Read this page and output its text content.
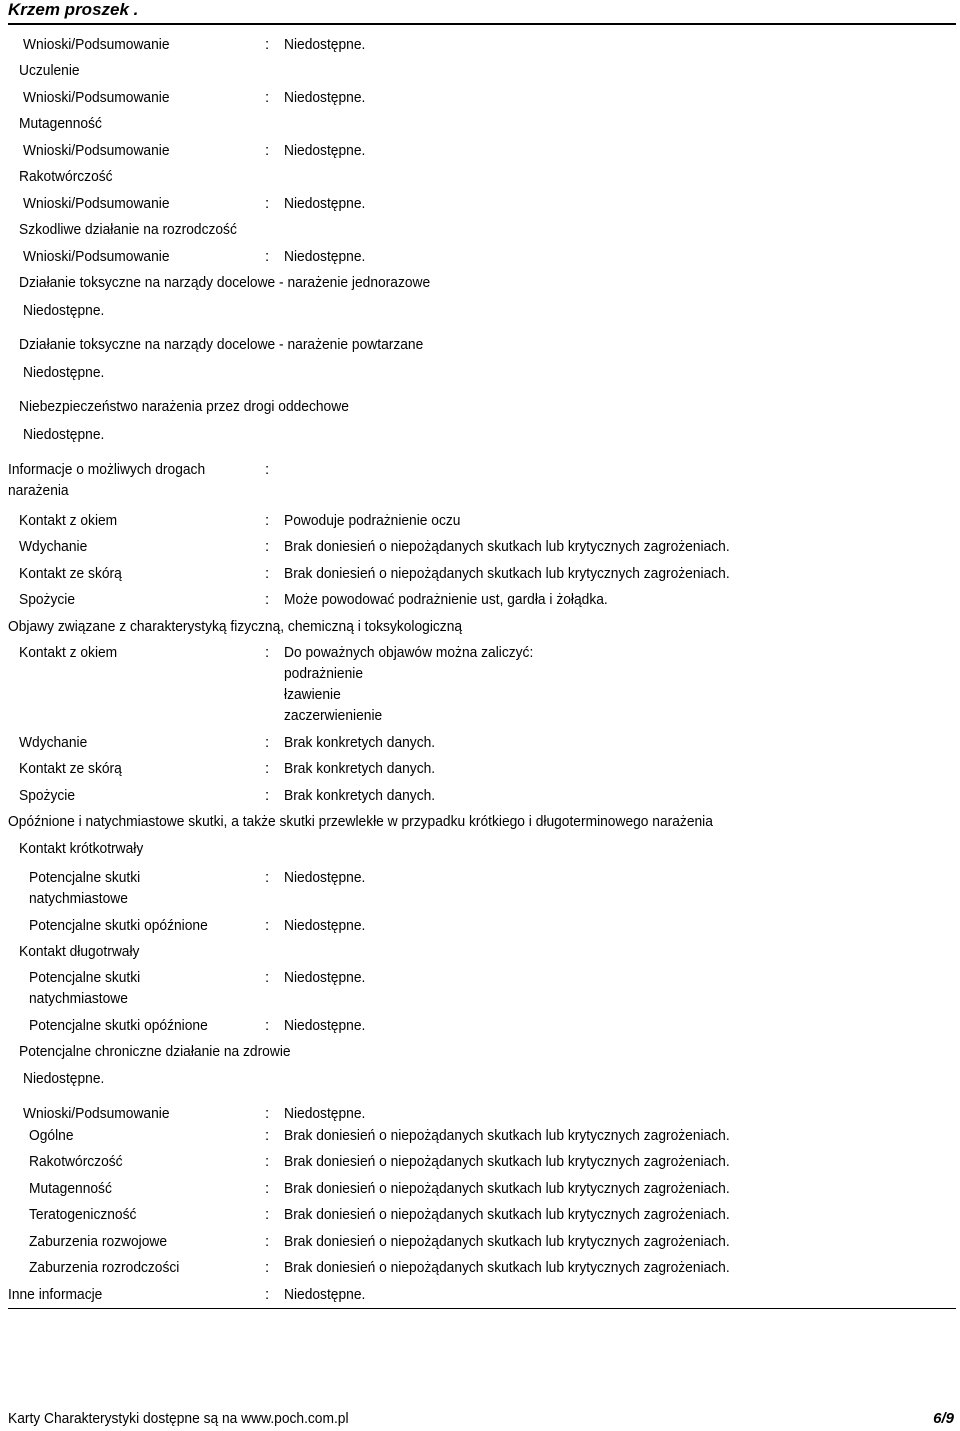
Krzem proszek .
Wnioski/Podsumowanie	: Niedostępne.
Uczulenie
Wnioski/Podsumowanie	: Niedostępne.
Mutagenność
Wnioski/Podsumowanie	: Niedostępne.
Rakotwórczość
Wnioski/Podsumowanie	: Niedostępne.
Szkodliwe działanie na rozrodczość
Wnioski/Podsumowanie	: Niedostępne.
Działanie toksyczne na narządy docelowe - narażenie jednorazowe
Niedostępne.
Działanie toksyczne na narządy docelowe - narażenie powtarzane
Niedostępne.
Niebezpieczeństwo narażenia przez drogi oddechowe
Niedostępne.
Informacje o możliwych drogach
narażenia
:
Kontakt z okiem	: Powoduje podrażnienie oczu
Wdychanie	: Brak doniesień o niepożądanych skutkach lub krytycznych zagrożeniach.
Kontakt ze skórą	: Brak doniesień o niepożądanych skutkach lub krytycznych zagrożeniach.
Spożycie	: Może powodować podrażnienie ust, gardła i żołądka.
Objawy związane z charakterystyką fizyczną, chemiczną i toksykologiczną
Kontakt z okiem	: Do poważnych objawów można zaliczyć:
podrażnienie
łzawienie
zaczerwienienie
Wdychanie	: Brak konkretych danych.
Kontakt ze skórą	: Brak konkretych danych.
Spożycie	: Brak konkretych danych.
Opóźnione i natychmiastowe skutki, a także skutki przewlekłe w przypadku krótkiego i długoterminowego narażenia
Kontakt krótkotrwały
Potencjalne skutki
natychmiastowe
: Niedostępne.
Potencjalne skutki opóźnione	: Niedostępne.
Kontakt długotrwały
Potencjalne skutki
natychmiastowe
: Niedostępne.
Potencjalne skutki opóźnione	: Niedostępne.
Potencjalne chroniczne działanie na zdrowie
Niedostępne.
Wnioski/Podsumowanie	: Niedostępne.
Ogólne	: Brak doniesień o niepożądanych skutkach lub krytycznych zagrożeniach.
Rakotwórczość	: Brak doniesień o niepożądanych skutkach lub krytycznych zagrożeniach.
Mutagenność	: Brak doniesień o niepożądanych skutkach lub krytycznych zagrożeniach.
Teratogeniczność	: Brak doniesień o niepożądanych skutkach lub krytycznych zagrożeniach.
Zaburzenia rozwojowe	: Brak doniesień o niepożądanych skutkach lub krytycznych zagrożeniach.
Zaburzenia rozrodczości	: Brak doniesień o niepożądanych skutkach lub krytycznych zagrożeniach.
Inne informacje	: Niedostępne.
Karty Charakterystyki dostępne są na www.poch.com.pl	6/9
